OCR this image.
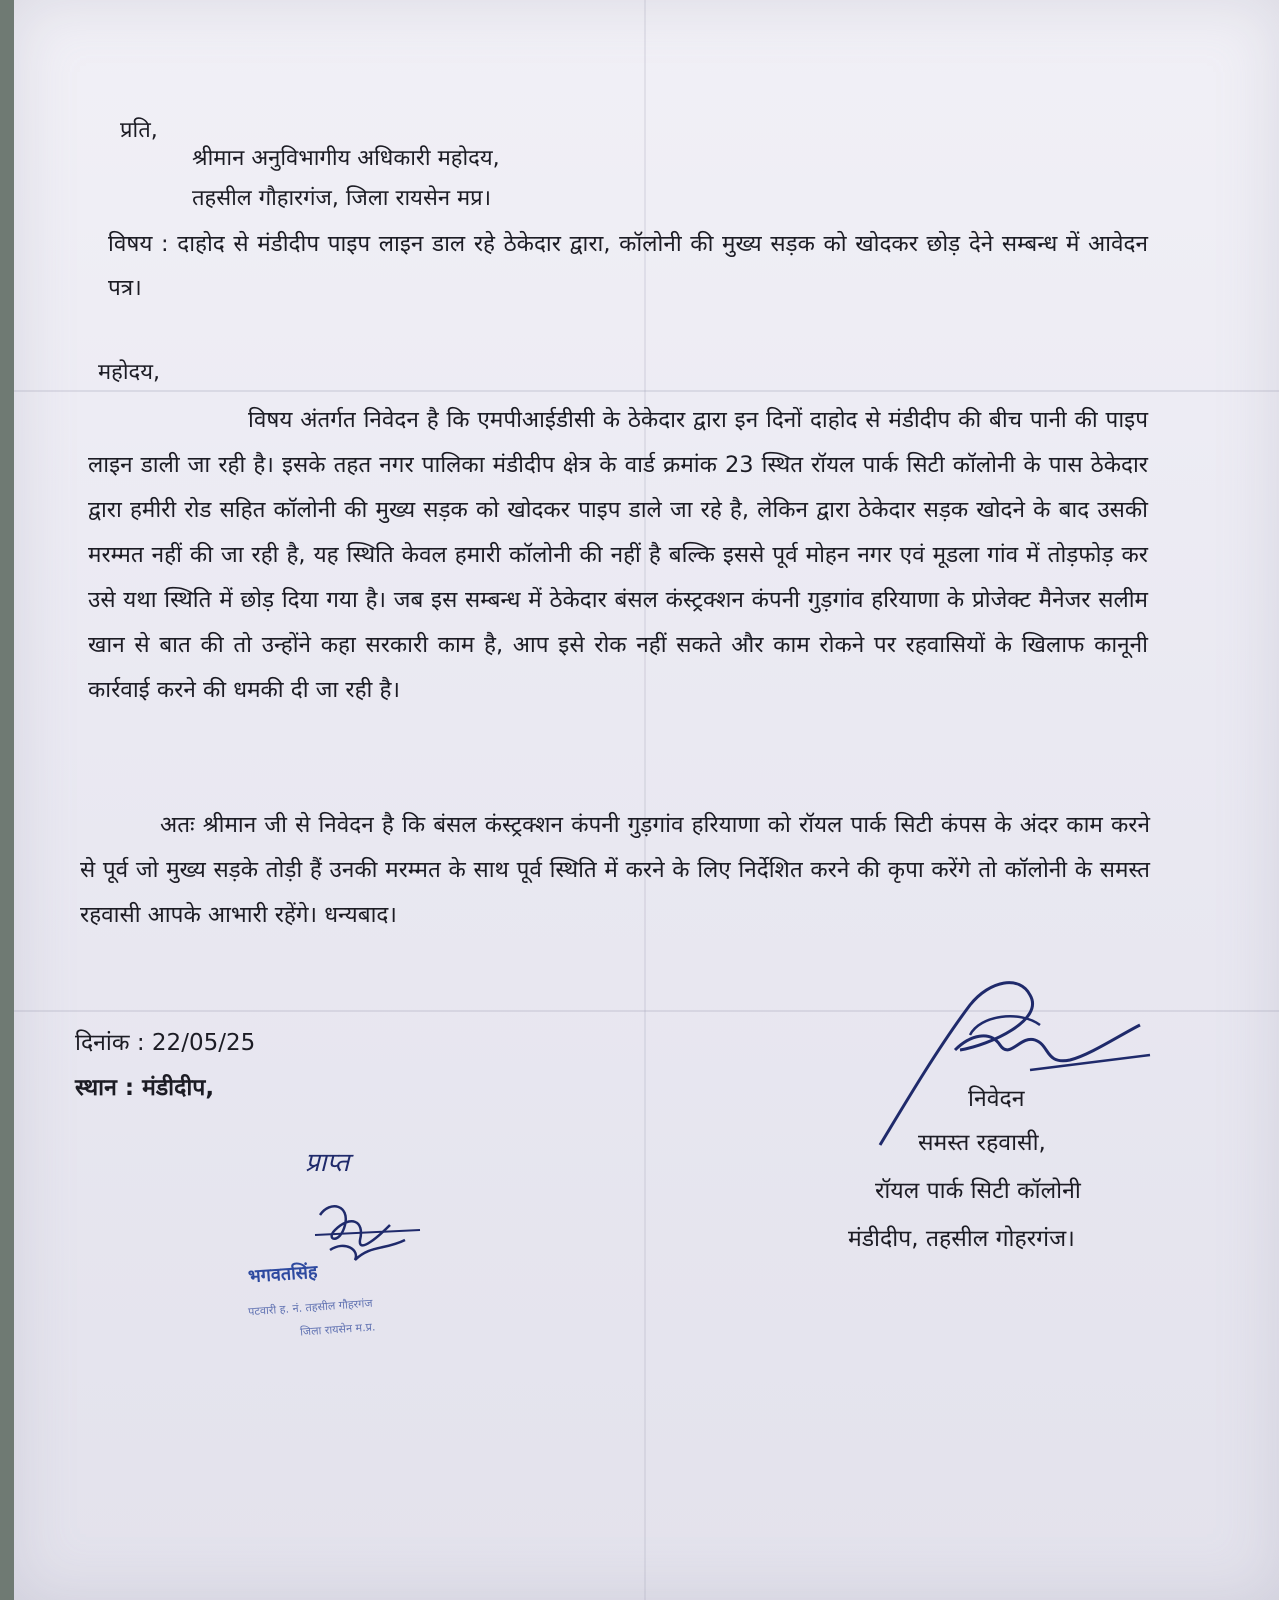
प्रति,
श्रीमान अनुविभागीय अधिकारी महोदय,
तहसील गौहारगंज, जिला रायसेन मप्र।
विषय : दाहोद से मंडीदीप पाइप लाइन डाल रहे ठेकेदार द्वारा, कॉलोनी की मुख्य सड़क को खोदकर छोड़ देने सम्बन्ध में आवेदन पत्र।
महोदय,
विषय अंतर्गत निवेदन है कि एमपीआईडीसी के ठेकेदार द्वारा इन दिनों दाहोद से मंडीदीप की बीच पानी की पाइप लाइन डाली जा रही है। इसके तहत नगर पालिका मंडीदीप क्षेत्र के वार्ड क्रमांक 23 स्थित रॉयल पार्क सिटी कॉलोनी के पास ठेकेदार द्वारा हमीरी रोड सहित कॉलोनी की मुख्य सड़क को खोदकर पाइप डाले जा रहे है, लेकिन द्वारा ठेकेदार सड़क खोदने के बाद उसकी मरम्मत नहीं की जा रही है, यह स्थिति केवल हमारी कॉलोनी की नहीं है बल्कि इससे पूर्व मोहन नगर एवं मूडला गांव में तोड़फोड़ कर उसे यथा स्थिति में छोड़ दिया गया है। जब इस सम्बन्ध में ठेकेदार बंसल कंस्ट्रक्शन कंपनी गुड़गांव हरियाणा के प्रोजेक्ट मैनेजर सलीम खान से बात की तो उन्होंने कहा सरकारी काम है, आप इसे रोक नहीं सकते और काम रोकने पर रहवासियों के खिलाफ कानूनी कार्रवाई करने की धमकी दी जा रही है।
अतः श्रीमान जी से निवेदन है कि बंसल कंस्ट्रक्शन कंपनी गुड़गांव हरियाणा को रॉयल पार्क सिटी कंपस के अंदर काम करने से पूर्व जो मुख्य सड़के तोड़ी हैं उनकी मरम्मत के साथ पूर्व स्थिति में करने के लिए निर्देशित करने की कृपा करेंगे तो कॉलोनी के समस्त रहवासी आपके आभारी रहेंगे। धन्यबाद।
दिनांक : 22/05/25
स्थान : मंडीदीप,	निवेदन
समस्त रहवासी,
रॉयल पार्क सिटी कॉलोनी
मंडीदीप, तहसील गोहरगंज।
प्राप्त
भगवतसिंह
पटवारी ह. नं. तहसील गौहरगंज
जिला रायसेन म.प्र.
